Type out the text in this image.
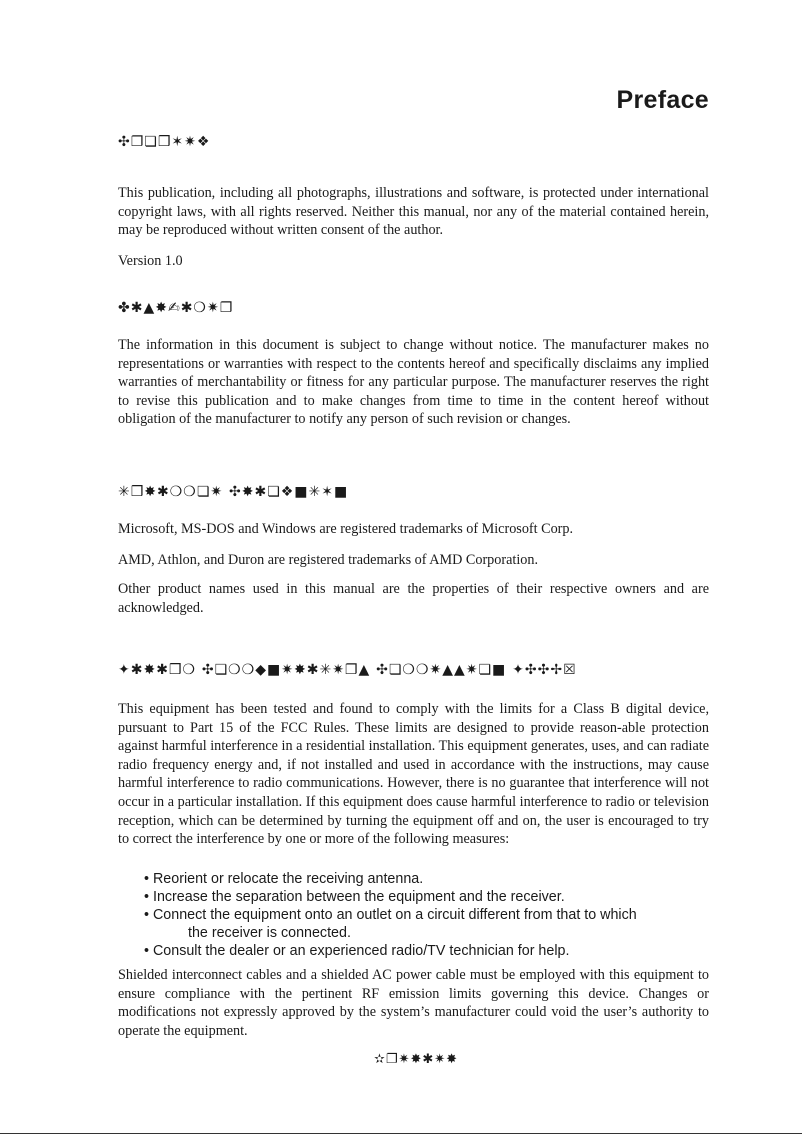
Preface
✣❐❏❒✶✷❖

This publication, including all photographs, illustrations and software, is protected under international copyright laws, with all rights reserved. Neither this manual, nor any of the material contained herein, may be reproduced without written consent of the author.

Version 1.0

✤✱▲✸✍✱❍✷❐

The information in this document is subject to change without notice. The manufacturer makes no representations or warranties with respect to the contents hereof and specifically disclaims any implied warranties of merchantability or fitness for any particular purpose. The manufacturer reserves the right to revise this publication and to make changes from time to time in the content hereof without obligation of the manufacturer to notify any person of such revision or changes.

✳❒✸✱❍❍❏✷ ✣✸✱❏❖■✳✶■

Microsoft, MS-DOS and Windows are registered trademarks of Microsoft Corp.

AMD, Athlon, and Duron are registered trademarks of AMD Corporation.

Other product names used in this manual are the properties of their respective owners and are acknowledged.

✦✱✸✱❒❍ ✣❏❍❍◆■✷✸✱✳✷❐▲ ✣❏❍❍✷▲▲✷❏■ ✦✣✣✢☒

This equipment has been tested and found to comply with the limits for a Class B digital device, pursuant to Part 15 of the FCC Rules. These limits are designed to provide reason-able protection against harmful interference in a residential installation. This equipment generates, uses, and can radiate radio frequency energy and, if not installed and used in accordance with the instructions, may cause harmful interference to radio communications. However, there is no guarantee that interference will not occur in a particular installation. If this equipment does cause harmful interference to radio or television reception, which can be determined by turning the equipment off and on, the user is encouraged to try to correct the interference by one or more of the following measures:

• Reorient or relocate the receiving antenna.
• Increase the separation between the equipment and the receiver.
• Connect the equipment onto an outlet on a circuit different from that to which
the receiver is connected.
• Consult the dealer or an experienced radio/TV technician for help.

Shielded interconnect cables and a shielded AC power cable must be employed with this equipment to ensure compliance with the pertinent RF emission limits governing this device. Changes or modifications not expressly approved by the system’s manufacturer could void the user’s authority to operate the equipment.

✫❐✷✸✱✷✸
